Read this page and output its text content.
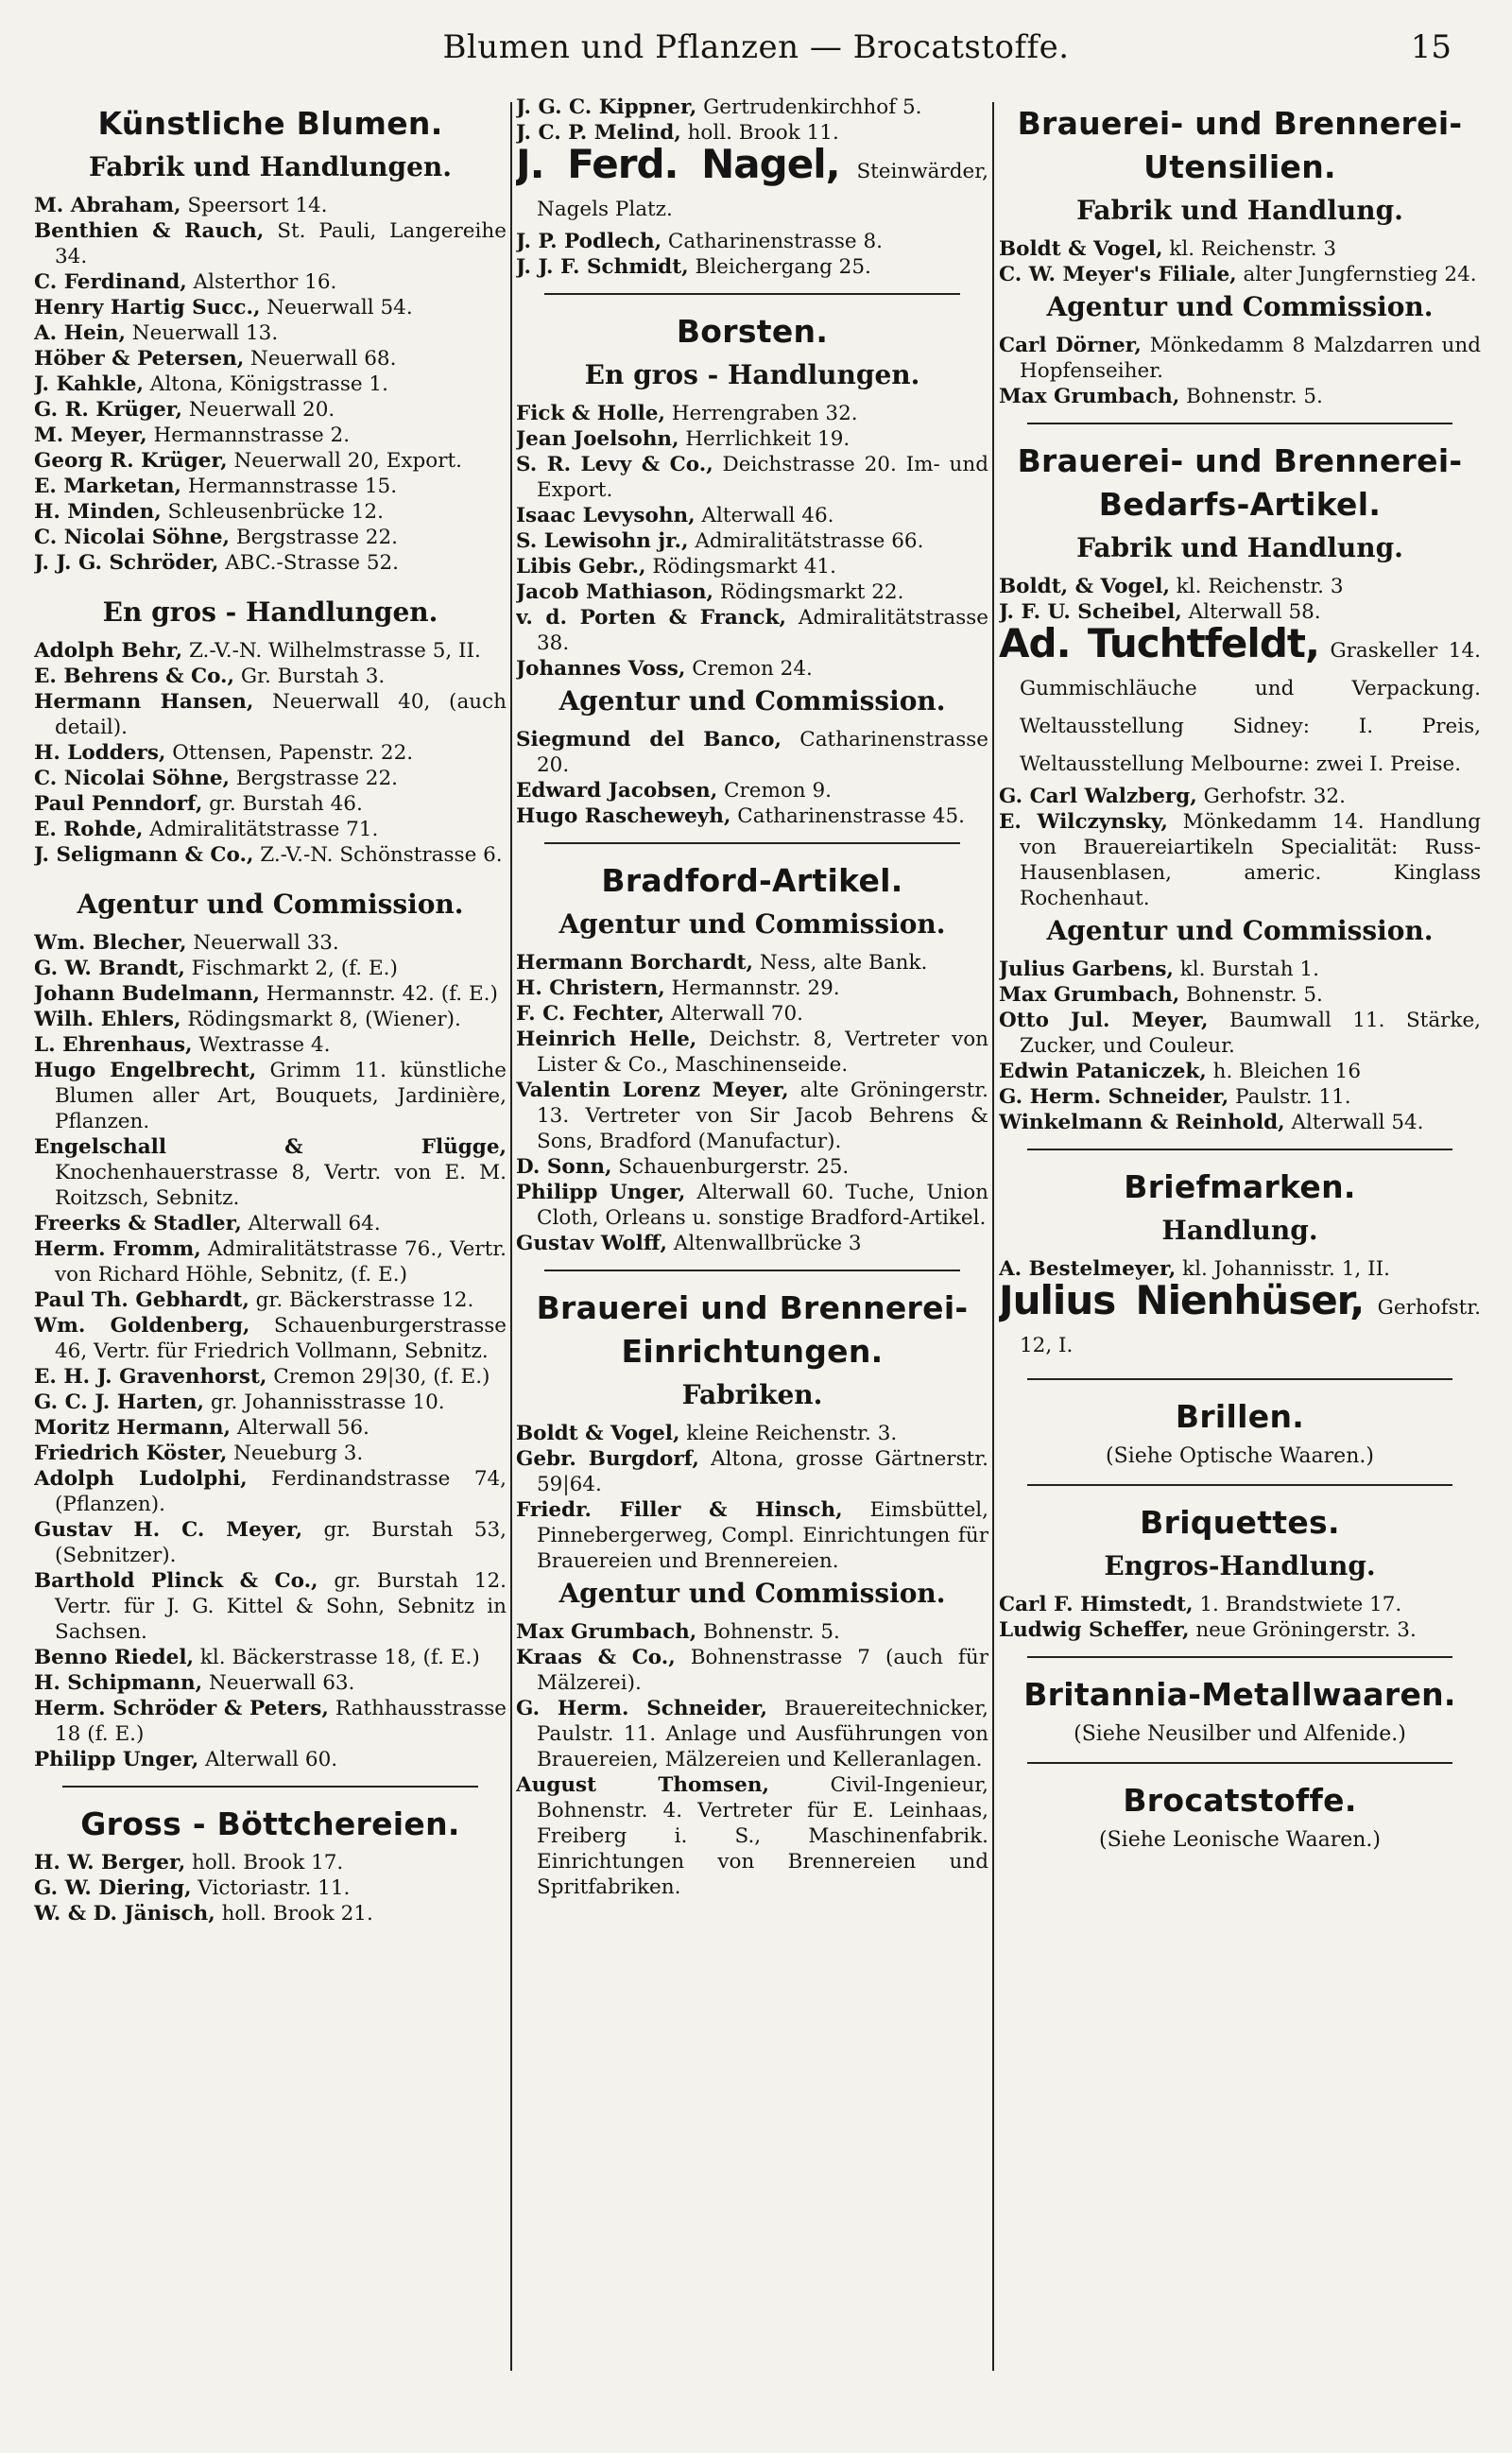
Blumen und Pflanzen — Brocatstoffe.	15
Künstliche Blumen.
Fabrik und Handlungen.
M. Abraham, Speersort 14.
Benthien & Rauch, St. Pauli, Langereihe 34.
C. Ferdinand, Alsterthor 16.
Henry Hartig Succ., Neuerwall 54.
A. Hein, Neuerwall 13.
Höber & Petersen, Neuerwall 68.
J. Kahkle, Altona, Königstrasse 1.
G. R. Krüger, Neuerwall 20.
M. Meyer, Hermannstrasse 2.
Georg R. Krüger, Neuerwall 20, Export.
E. Marketan, Hermannstrasse 15.
H. Minden, Schleusenbrücke 12.
C. Nicolai Söhne, Bergstrasse 22.
J. J. G. Schröder, ABC.-Strasse 52.
En gros - Handlungen.
Adolph Behr, Z.-V.-N. Wilhelmstrasse 5, II.
E. Behrens & Co., Gr. Burstah 3.
Hermann Hansen, Neuerwall 40, (auch detail).
H. Lodders, Ottensen, Papenstr. 22.
C. Nicolai Söhne, Bergstrasse 22.
Paul Penndorf, gr. Burstah 46.
E. Rohde, Admiralitätstrasse 71.
J. Seligmann & Co., Z.-V.-N. Schönstrasse 6.
Agentur und Commission.
Wm. Blecher, Neuerwall 33.
G. W. Brandt, Fischmarkt 2, (f. E.)
Johann Budelmann, Hermannstr. 42. (f. E.)
Wilh. Ehlers, Rödingsmarkt 8, (Wiener).
L. Ehrenhaus, Wextrasse 4.
Hugo Engelbrecht, Grimm 11. künstliche Blumen aller Art, Bouquets, Jardinière, Pflanzen.
Engelschall & Flügge, Knochenhauerstrasse 8, Vertr. von E. M. Roitzsch, Sebnitz.
Freerks & Stadler, Alterwall 64.
Herm. Fromm, Admiralitätstrasse 76., Vertr. von Richard Höhle, Sebnitz, (f. E.)
Paul Th. Gebhardt, gr. Bäckerstrasse 12.
Wm. Goldenberg, Schauenburgerstrasse 46, Vertr. für Friedrich Vollmann, Sebnitz.
E. H. J. Gravenhorst, Cremon 29|30, (f. E.)
G. C. J. Harten, gr. Johannisstrasse 10.
Moritz Hermann, Alterwall 56.
Friedrich Köster, Neueburg 3.
Adolph Ludolphi, Ferdinandstrasse 74, (Pflanzen).
Gustav H. C. Meyer, gr. Burstah 53, (Sebnitzer).
Barthold Plinck & Co., gr. Burstah 12. Vertr. für J. G. Kittel & Sohn, Sebnitz in Sachsen.
Benno Riedel, kl. Bäckerstrasse 18, (f. E.)
H. Schipmann, Neuerwall 63.
Herm. Schröder & Peters, Rathhausstrasse 18 (f. E.)
Philipp Unger, Alterwall 60.
Gross - Böttchereien.
H. W. Berger, holl. Brook 17.
G. W. Diering, Victoriastr. 11.
W. & D. Jänisch, holl. Brook 21.
J. G. C. Kippner, Gertrudenkirchhof 5.
J. C. P. Melind, holl. Brook 11.
J. Ferd. Nagel, Steinwärder, Nagels Platz.
J. P. Podlech, Catharinenstrasse 8.
J. J. F. Schmidt, Bleichergang 25.
Borsten.
En gros - Handlungen.
Fick & Holle, Herrengraben 32.
Jean Joelsohn, Herrlichkeit 19.
S. R. Levy & Co., Deichstrasse 20. Im- und Export.
Isaac Levysohn, Alterwall 46.
S. Lewisohn jr., Admiralitätstrasse 66.
Libis Gebr., Rödingsmarkt 41.
Jacob Mathiason, Rödingsmarkt 22.
v. d. Porten & Franck, Admiralitätstrasse 38.
Johannes Voss, Cremon 24.
Agentur und Commission.
Siegmund del Banco, Catharinenstrasse 20.
Edward Jacobsen, Cremon 9.
Hugo Rascheweyh, Catharinenstrasse 45.
Bradford-Artikel.
Agentur und Commission.
Hermann Borchardt, Ness, alte Bank.
H. Christern, Hermannstr. 29.
F. C. Fechter, Alterwall 70.
Heinrich Helle, Deichstr. 8, Vertreter von Lister & Co., Maschinenseide.
Valentin Lorenz Meyer, alte Gröningerstr. 13. Vertreter von Sir Jacob Behrens & Sons, Bradford (Manufactur).
D. Sonn, Schauenburgerstr. 25.
Philipp Unger, Alterwall 60. Tuche, Union Cloth, Orleans u. sonstige Bradford-Artikel.
Gustav Wolff, Altenwallbrücke 3
Brauerei und Brennerei-Einrichtungen.
Fabriken.
Boldt & Vogel, kleine Reichenstr. 3.
Gebr. Burgdorf, Altona, grosse Gärtnerstr. 59|64.
Friedr. Filler & Hinsch, Eimsbüttel, Pinnebergerweg, Compl. Einrichtungen für Brauereien und Brennereien.
Agentur und Commission.
Max Grumbach, Bohnenstr. 5.
Kraas & Co., Bohnenstrasse 7 (auch für Mälzerei).
G. Herm. Schneider, Brauereitechnicker, Paulstr. 11. Anlage und Ausführungen von Brauereien, Mälzereien und Kelleranlagen.
August Thomsen, Civil-Ingenieur, Bohnenstr. 4. Vertreter für E. Leinhaas, Freiberg i. S., Maschinenfabrik. Einrichtungen von Brennereien und Spritfabriken.
Brauerei- und Brennerei-Utensilien.
Fabrik und Handlung.
Boldt & Vogel, kl. Reichenstr. 3
C. W. Meyer's Filiale, alter Jungfernstieg 24.
Agentur und Commission.
Carl Dörner, Mönkedamm 8 Malzdarren und Hopfenseiher.
Max Grumbach, Bohnenstr. 5.
Brauerei- und Brennerei-Bedarfs-Artikel.
Fabrik und Handlung.
Boldt, & Vogel, kl. Reichenstr. 3
J. F. U. Scheibel, Alterwall 58.
Ad. Tuchtfeldt, Graskeller 14. Gummischläuche und Verpackung. Weltausstellung Sidney: I. Preis, Weltausstellung Melbourne: zwei I. Preise.
G. Carl Walzberg, Gerhofstr. 32.
E. Wilczynsky, Mönkedamm 14. Handlung von Brauereiartikeln Specialität: Russ-Hausenblasen, americ. Kinglass Rochenhaut.
Agentur und Commission.
Julius Garbens, kl. Burstah 1.
Max Grumbach, Bohnenstr. 5.
Otto Jul. Meyer, Baumwall 11. Stärke, Zucker, und Couleur.
Edwin Pataniczek, h. Bleichen 16
G. Herm. Schneider, Paulstr. 11.
Winkelmann & Reinhold, Alterwall 54.
Briefmarken.
Handlung.
A. Bestelmeyer, kl. Johannisstr. 1, II.
Julius Nienhüser, Gerhofstr. 12, I.
Brillen.
(Siehe Optische Waaren.)
Briquettes.
Engros-Handlung.
Carl F. Himstedt, 1. Brandstwiete 17.
Ludwig Scheffer, neue Gröningerstr. 3.
Britannia-Metallwaaren.
(Siehe Neusilber und Alfenide.)
Brocatstoffe.
(Siehe Leonische Waaren.)
